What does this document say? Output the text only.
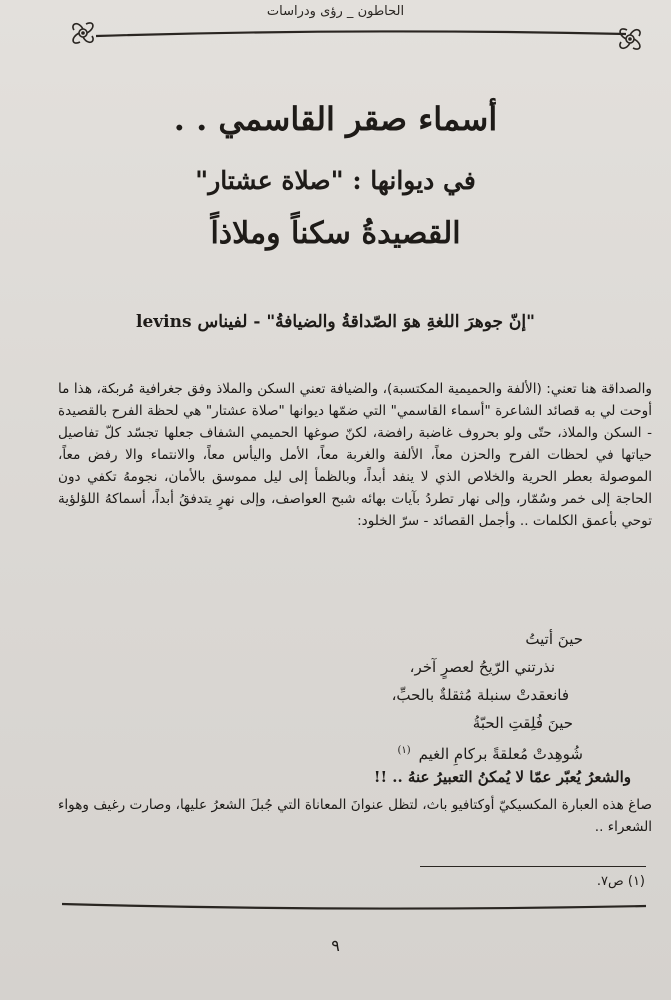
الحاطون _ رؤى ودراسات
أسماء صقر القاسمي . .
في ديوانها : "صلاة عشتار"
القصيدةُ سكناً وملاذاً
"إنّ جوهرَ اللغةِ هوَ الصّداقةُ والضيافةُ" - لفيناس levins

والصداقة هنا تعني: (الألفة والحميمية المكتسبة)، والضيافة تعني السكن والملاذ وفق جغرافية مُربكة، هذا ما أوحت لي به قصائد الشاعرة "أسماء القاسمي" التي ضمّها ديوانها "صلاة عشتار" هي لحظة الفرح بالقصيدة - السكن والملاذ، حتّى ولو بحروف غاضبة رافضة، لكنّ صوغها الحميمي الشفاف جعلها تجسّد كلّ تفاصيل حياتها في لحظات الفرح والحزن معاً، الألفة والغربة معاً، الأمل واليأس معاً، والانتماء والا رفض معاً، الموصولة بعطر الحرية والخلاص الذي لا ينفد أبداً، وبالظمأ إلى ليل مموسق بالأمان، نجومهُ تكفي دون الحاجة إلى خمر وسُمّار، وإلى نهار تطردُ بآيات بهائه شبح العواصف، وإلى نهرٍ يتدفقُ أبداً، أسماكهُ اللؤلؤية توحي بأعمق الكلمات .. وأجمل القصائد - سرّ الخلود:

حينَ أتيتُ
نذرتني الرّيحُ لعصرٍ آخر،
فانعقدتْ سنبلة مُثقلةٌ بالحبِّ،
حينَ فُلِقتِ الحبّةُ
شُوهِدتْ مُعلقةً بركامِ الغيم$^{(١)}$
والشعرُ يُعبّر عمّا لا يُمكنُ التعبيرُ عنهُ .. !!
صاغ هذه العبارة المكسيكيّ أوكتافيو باث، لتظل عنوانَ المعاناة التي جُبلَ الشعرُ عليها، وصارت رغيف وهواء الشعراء ..
(١) ص٧.
٩
